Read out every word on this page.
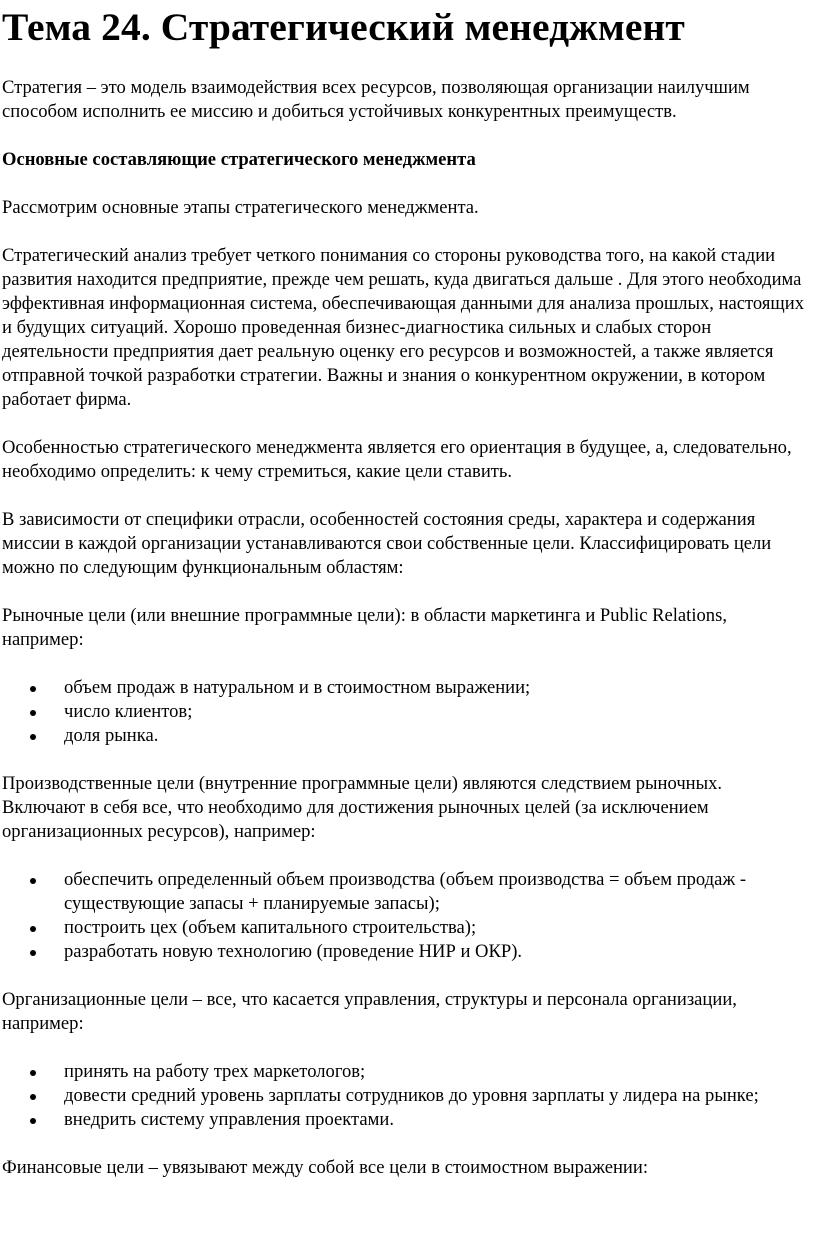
Тема 24. Стратегический менеджмент

Стратегия – это модель взаимодействия всех ресурсов, позволяющая организации наилучшим способом исполнить ее миссию и добиться устойчивых конкурентных преимуществ.

Основные составляющие стратегического менеджмента

Рассмотрим основные этапы стратегического менеджмента.

Стратегический анализ требует четкого понимания со стороны руководства того, на какой стадии развития находится предприятие, прежде чем решать, куда двигаться дальше . Для этого необходима эффективная информационная система, обеспечивающая данными для анализа прошлых, настоящих и будущих ситуаций. Хорошо проведенная бизнес-диагностика сильных и слабых сторон деятельности предприятия дает реальную оценку его ресурсов и возможностей, а также является отправной точкой разработки стратегии. Важны и знания о конкурентном окружении, в котором работает фирма.

Особенностью стратегического менеджмента является его ориентация в будущее, а, следовательно, необходимо определить: к чему стремиться, какие цели ставить.

В зависимости от специфики отрасли, особенностей состояния среды, характера и содержания миссии в каждой организации устанавливаются свои собственные цели. Классифицировать цели можно по следующим функциональным областям:

Рыночные цели (или внешние программные цели): в области маркетинга и Public Relations, например:

объем продаж в натуральном и в стоимостном выражении;
число клиентов;
доля рынка.

Производственные цели (внутренние программные цели) являются следствием рыночных. Включают в себя все, что необходимо для достижения рыночных целей (за исключением организационных ресурсов), например:

обеспечить определенный объем производства (объем производства = объем продаж - существующие запасы + планируемые запасы);
построить цех (объем капитального строительства);
разработать новую технологию (проведение НИР и ОКР).

Организационные цели – все, что касается управления, структуры и персонала организации, например:

принять на работу трех маркетологов;
довести средний уровень зарплаты сотрудников до уровня зарплаты у лидера на рынке;
внедрить систему управления проектами.

Финансовые цели – увязывают между собой все цели в стоимостном выражении:
